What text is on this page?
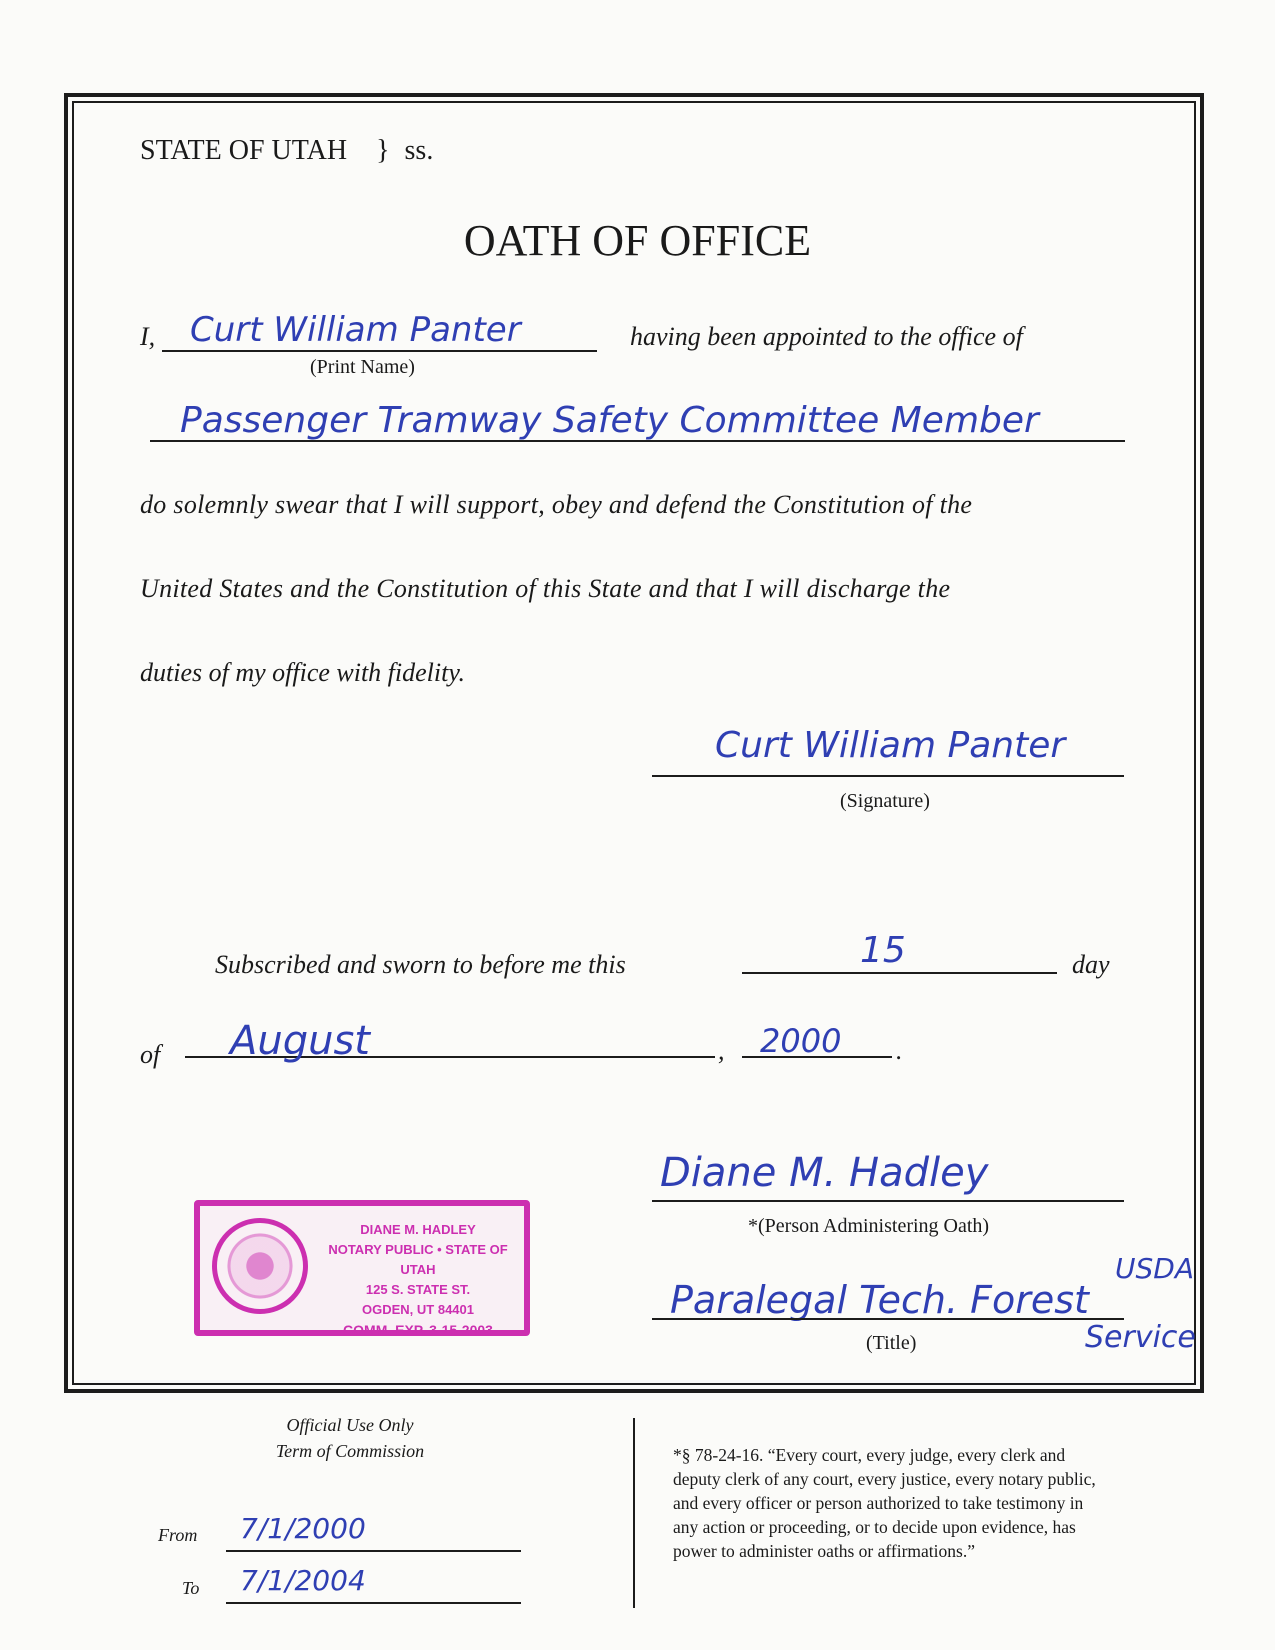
STATE OF UTAH } ss.
OATH OF OFFICE
I, Curt William Panter
(Print Name)
having been appointed to the office of
Passenger Tramway Safety Committee Member
do solemnly swear that I will support, obey and defend the Constitution of the
United States and the Constitution of this State and that I will discharge the
duties of my office with fidelity.
Curt William Panter
(Signature)
Subscribed and sworn to before me this	15	day
of August	, 2000 .
Diane M. Hadley
*(Person Administering Oath)
USDA
Paralegal Tech. Forest
Service
(Title)
DIANE M. HADLEY
NOTARY PUBLIC • STATE OF UTAH
125 S. STATE ST.
OGDEN, UT 84401
COMM. EXP. 3-15-2003
Official Use Only
Term of Commission
From 7/1/2000
To 7/1/2004
*§ 78-24-16. “Every court, every judge, every clerk and
deputy clerk of any court, every justice, every notary public,
and every officer or person authorized to take testimony in
any action or proceeding, or to decide upon evidence, has
power to administer oaths or affirmations.”
